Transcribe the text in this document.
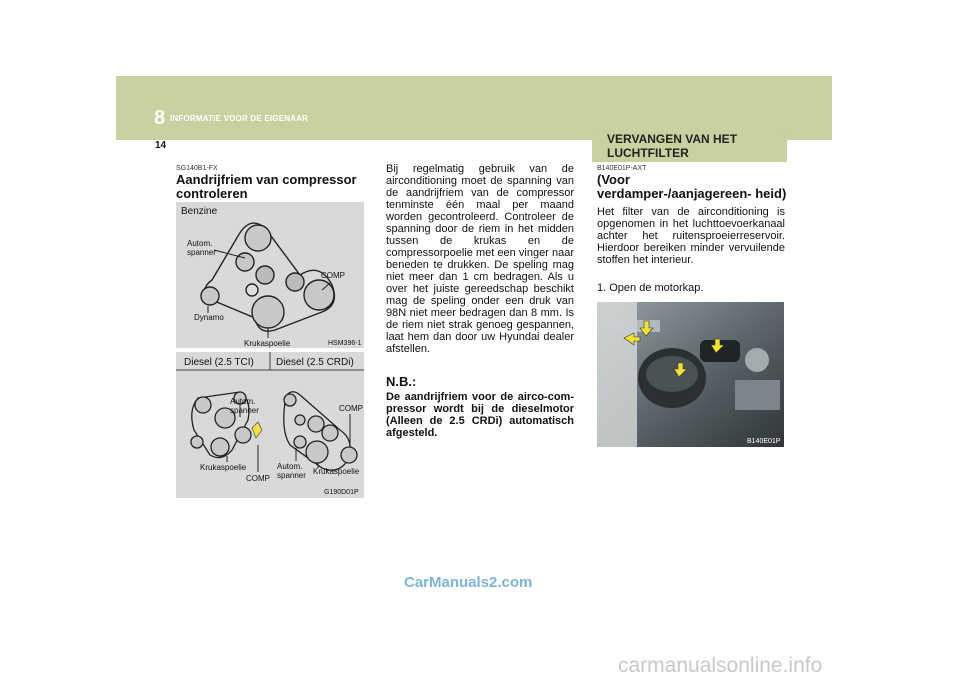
8 INFORMATIE VOOR DE EIGENAAR
14
SG140B1-FX
Aandrijfriem van compressor controleren
Benzine
Autom. spanner
COMP
Dynamo
Krukaspoelie	HSM396-1
Diesel (2.5 TCI) Diesel (2.5 CRDi)
Autom. spanner
Krukaspoelie
COMP
COMP
Autom. spanner Krukaspoelie
G190D01P
Bij regelmatig gebruik van de airconditioning moet de spanning van de aandrijfriem van de compressor tenminste één maal per maand worden gecontroleerd. Controleer de spanning door de riem in het midden tussen de krukas en de compressorpoelie met een vinger naar beneden te drukken. De speling mag niet meer dan 1 cm bedragen. Als u over het juiste gereedschap beschikt mag de speling onder een druk van 98N niet meer bedragen dan 8 mm. Is de riem niet strak genoeg gespannen, laat hem dan door uw Hyundai dealer afstellen.
N.B.:
De aandrijfriem voor de airco-com- pressor wordt bij de dieselmotor (Alleen de 2.5 CRDi) automatisch afgesteld.
VERVANGEN VAN HET LUCHTFILTER
B140E01P-AXT
(Voor verdamper-/aanjagereen- heid)
Het filter van de airconditioning is opgenomen in het luchttoevoerkanaal achter het ruitensproeierreservoir. Hierdoor bereiken minder vervuilende stoffen het interieur.
1. Open de motorkap.
B140E01P
CarManuals2.com
carmanualsonline.info
